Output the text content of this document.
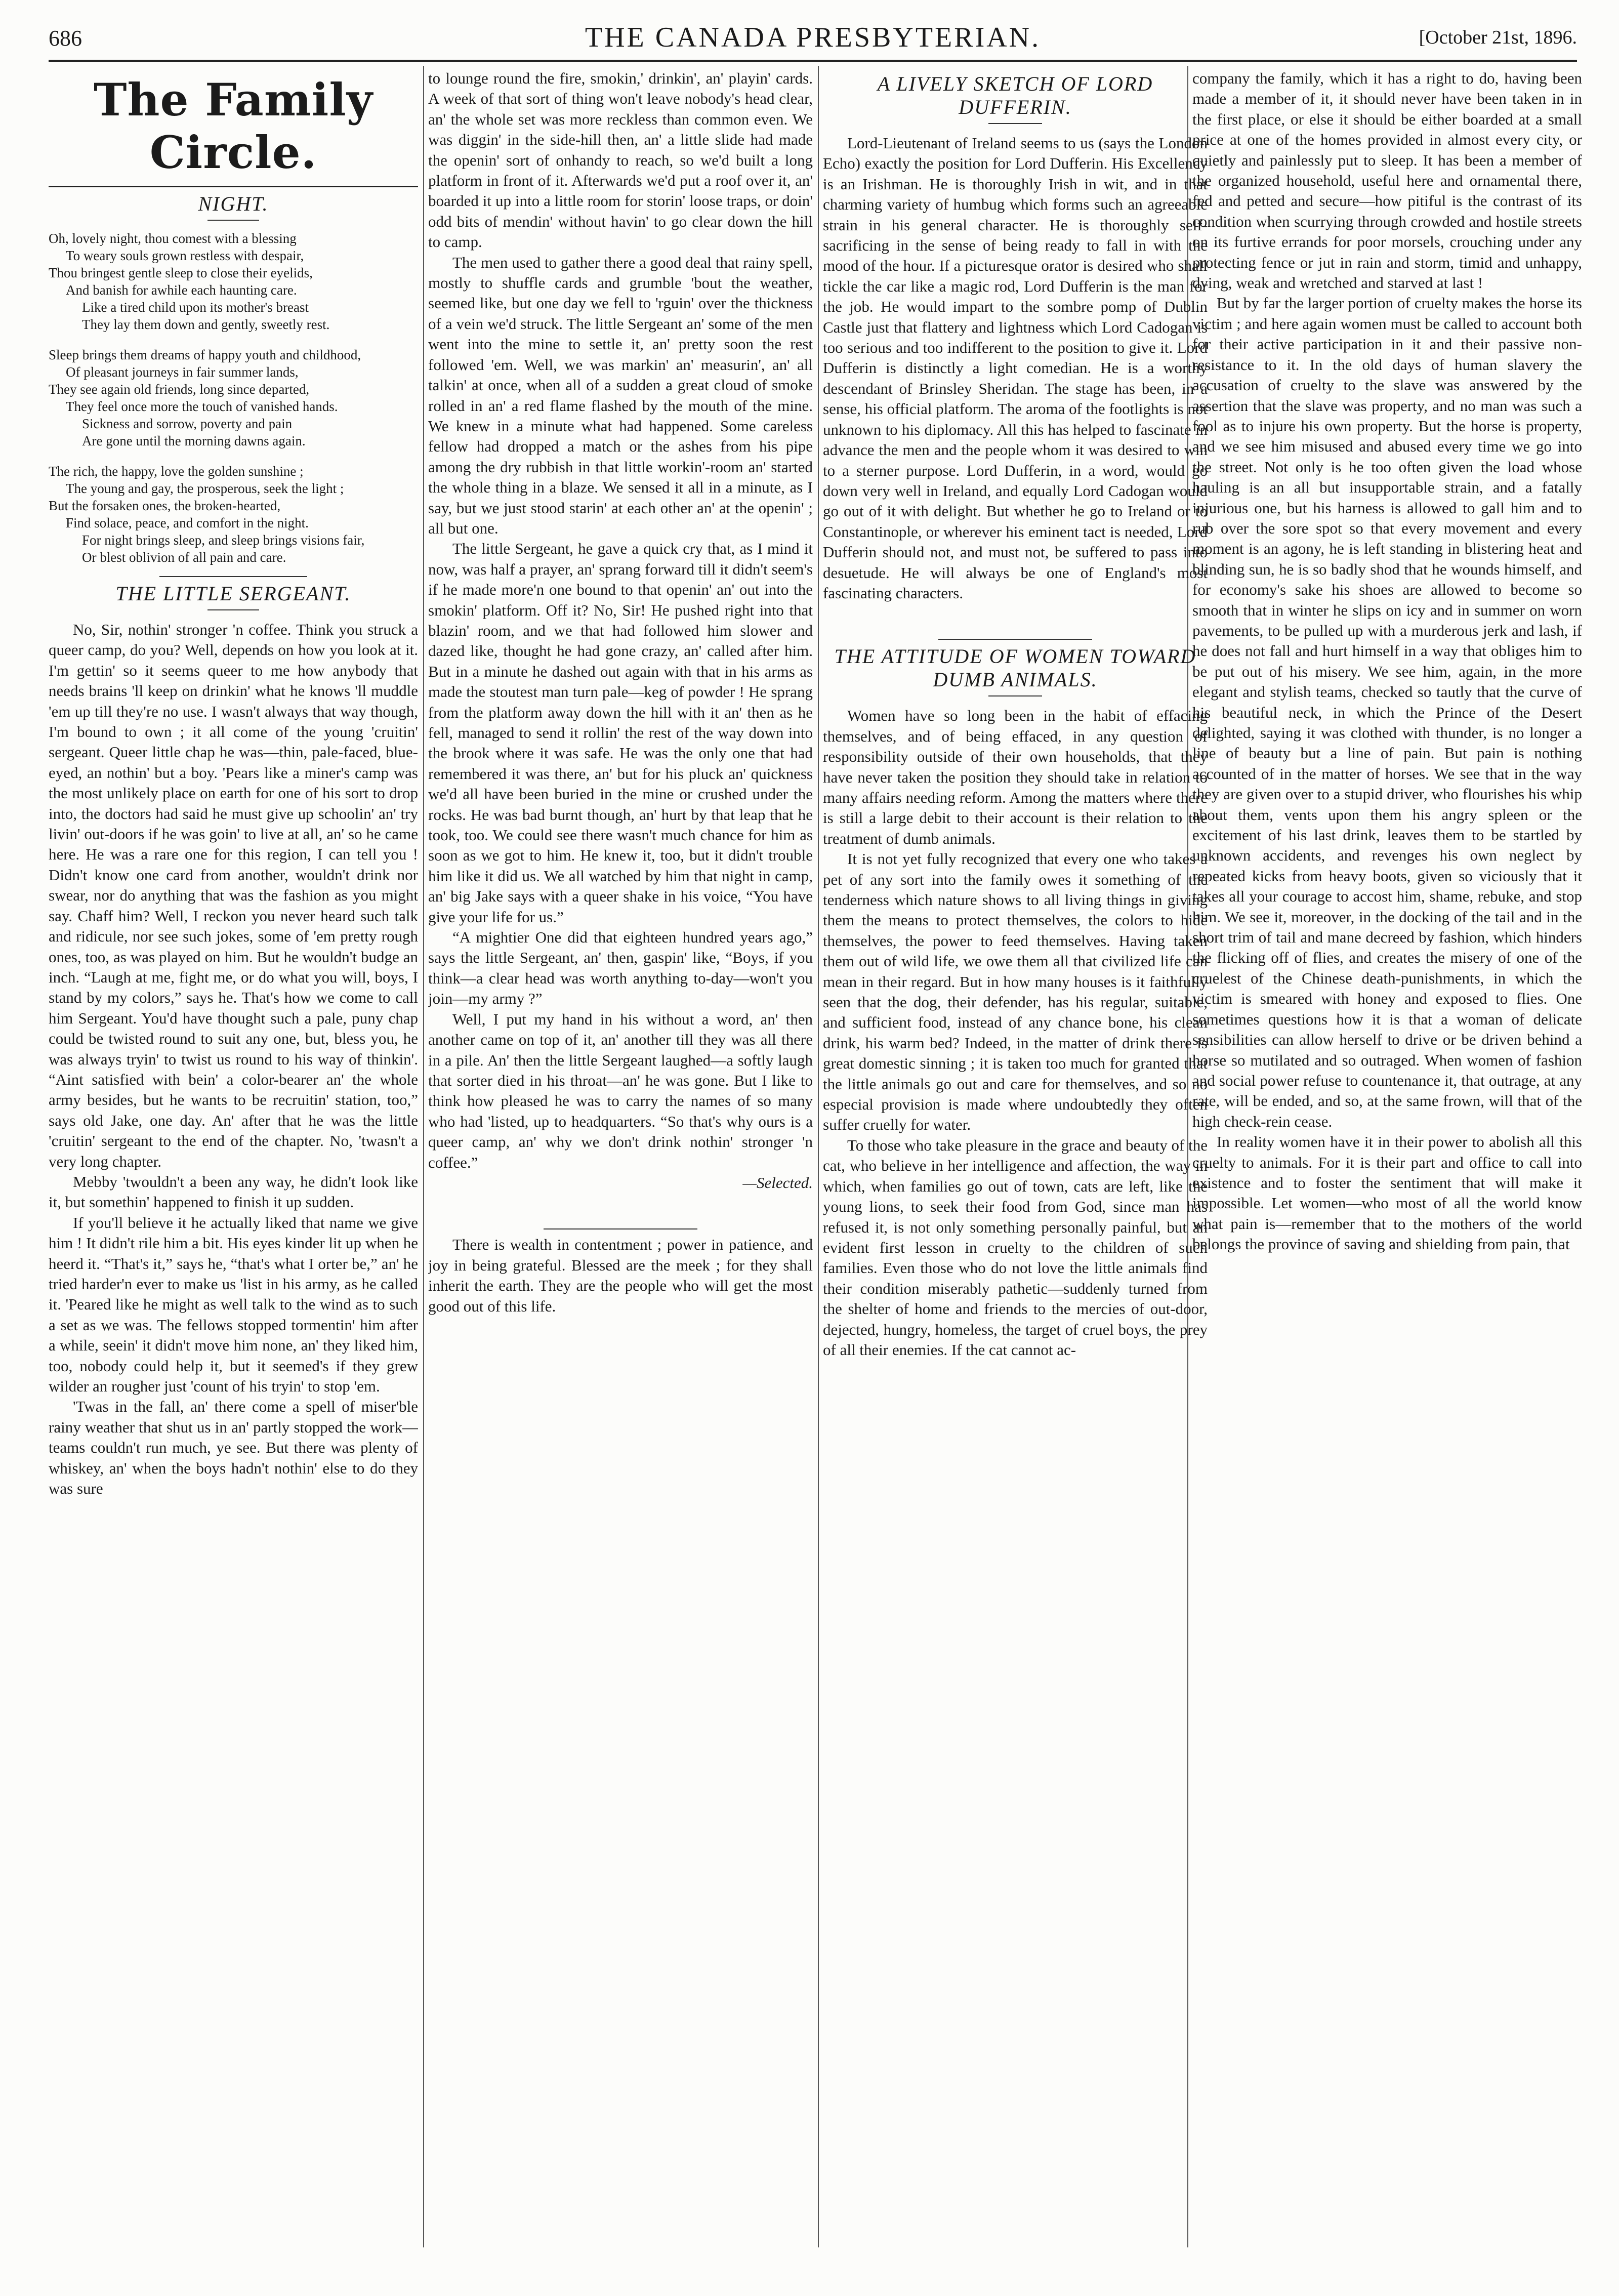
686	THE CANADA PRESBYTERIAN.	[October 21st, 1896.
The Family Circle.
NIGHT.

Oh, lovely night, thou comest with a blessing

To weary souls grown restless with despair,

Thou bringest gentle sleep to close their eyelids,

And banish for awhile each haunting care.

Like a tired child upon its mother's breast

They lay them down and gently, sweetly rest.

Sleep brings them dreams of happy youth and childhood,

Of pleasant journeys in fair summer lands,

They see again old friends, long since departed,

They feel once more the touch of vanished hands.

Sickness and sorrow, poverty and pain

Are gone until the morning dawns again.

The rich, the happy, love the golden sunshine ;

The young and gay, the prosperous, seek the light ;

But the forsaken ones, the broken-hearted,

Find solace, peace, and comfort in the night.

For night brings sleep, and sleep brings visions fair,

Or blest oblivion of all pain and care.

THE LITTLE SERGEANT.

No, Sir, nothin' stronger 'n coffee. Think you struck a queer camp, do you? Well, depends on how you look at it. I'm gettin' so it seems queer to me how anybody that needs brains 'll keep on drinkin' what he knows 'll muddle 'em up till they're no use. I wasn't always that way though, I'm bound to own ; it all come of the young 'cruitin' sergeant. Queer little chap he was—thin, pale-faced, blue-eyed, an nothin' but a boy. 'Pears like a miner's camp was the most unlikely place on earth for one of his sort to drop into, the doctors had said he must give up schoolin' an' try livin' out-doors if he was goin' to live at all, an' so he came here. He was a rare one for this region, I can tell you ! Didn't know one card from another, wouldn't drink nor swear, nor do anything that was the fashion as you might say. Chaff him? Well, I reckon you never heard such talk and ridicule, nor see such jokes, some of 'em pretty rough ones, too, as was played on him. But he wouldn't budge an inch. “Laugh at me, fight me, or do what you will, boys, I stand by my colors,” says he. That's how we come to call him Sergeant. You'd have thought such a pale, puny chap could be twisted round to suit any one, but, bless you, he was always tryin' to twist us round to his way of thinkin'. “Aint satisfied with bein' a color-bearer an' the whole army besides, but he wants to be recruitin' station, too,” says old Jake, one day. An' after that he was the little 'cruitin' sergeant to the end of the chapter. No, 'twasn't a very long chapter.

Mebby 'twouldn't a been any way, he didn't look like it, but somethin' happened to finish it up sudden.

If you'll believe it he actually liked that name we give him ! It didn't rile him a bit. His eyes kinder lit up when he heerd it. “That's it,” says he, “that's what I orter be,” an' he tried harder'n ever to make us 'list in his army, as he called it. 'Peared like he might as well talk to the wind as to such a set as we was. The fellows stopped tormentin' him after a while, seein' it didn't move him none, an' they liked him, too, nobody could help it, but it seemed's if they grew wilder an rougher just 'count of his tryin' to stop 'em.

'Twas in the fall, an' there come a spell of miser'ble rainy weather that shut us in an' partly stopped the work—teams couldn't run much, ye see. But there was plenty of whiskey, an' when the boys hadn't nothin' else to do they was sure

to lounge round the fire, smokin,' drinkin', an' playin' cards. A week of that sort of thing won't leave nobody's head clear, an' the whole set was more reckless than common even. We was diggin' in the side-hill then, an' a little slide had made the openin' sort of onhandy to reach, so we'd built a long platform in front of it. Afterwards we'd put a roof over it, an' boarded it up into a little room for storin' loose traps, or doin' odd bits of mendin' without havin' to go clear down the hill to camp.

The men used to gather there a good deal that rainy spell, mostly to shuffle cards and grumble 'bout the weather, seemed like, but one day we fell to 'rguin' over the thickness of a vein we'd struck. The little Sergeant an' some of the men went into the mine to settle it, an' pretty soon the rest followed 'em. Well, we was markin' an' measurin', an' all talkin' at once, when all of a sudden a great cloud of smoke rolled in an' a red flame flashed by the mouth of the mine. We knew in a minute what had happened. Some careless fellow had dropped a match or the ashes from his pipe among the dry rubbish in that little workin'-room an' started the whole thing in a blaze. We sensed it all in a minute, as I say, but we just stood starin' at each other an' at the openin' ; all but one.

The little Sergeant, he gave a quick cry that, as I mind it now, was half a prayer, an' sprang forward till it didn't seem's if he made more'n one bound to that openin' an' out into the smokin' platform. Off it? No, Sir! He pushed right into that blazin' room, and we that had followed him slower and dazed like, thought he had gone crazy, an' called after him. But in a minute he dashed out again with that in his arms as made the stoutest man turn pale—keg of powder ! He sprang from the platform away down the hill with it an' then as he fell, managed to send it rollin' the rest of the way down into the brook where it was safe. He was the only one that had remembered it was there, an' but for his pluck an' quickness we'd all have been buried in the mine or crushed under the rocks. He was bad burnt though, an' hurt by that leap that he took, too. We could see there wasn't much chance for him as soon as we got to him. He knew it, too, but it didn't trouble him like it did us. We all watched by him that night in camp, an' big Jake says with a queer shake in his voice, “You have give your life for us.”

“A mightier One did that eighteen hundred years ago,” says the little Sergeant, an' then, gaspin' like, “Boys, if you think—a clear head was worth anything to-day—won't you join—my army ?”

Well, I put my hand in his without a word, an' then another came on top of it, an' another till they was all there in a pile. An' then the little Sergeant laughed—a softly laugh that sorter died in his throat—an' he was gone. But I like to think how pleased he was to carry the names of so many who had 'listed, up to headquarters. “So that's why ours is a queer camp, an' why we don't drink nothin' stronger 'n coffee.”

—Selected.

There is wealth in contentment ; power in patience, and joy in being grateful. Blessed are the meek ; for they shall inherit the earth. They are the people who will get the most good out of this life.

A LIVELY SKETCH OF LORD DUFFERIN.

Lord-Lieutenant of Ireland seems to us (says the London Echo) exactly the position for Lord Dufferin. His Excellency is an Irishman. He is thoroughly Irish in wit, and in that charming variety of humbug which forms such an agreeable strain in his general character. He is thoroughly self-sacrificing in the sense of being ready to fall in with the mood of the hour. If a picturesque orator is desired who shall tickle the car like a magic rod, Lord Dufferin is the man for the job. He would impart to the sombre pomp of Dublin Castle just that flattery and lightness which Lord Cadogan is too serious and too indifferent to the position to give it. Lord Dufferin is distinctly a light comedian. He is a worthy descendant of Brinsley Sheridan. The stage has been, in a sense, his official platform. The aroma of the footlights is not unknown to his diplomacy. All this has helped to fascinate in advance the men and the people whom it was desired to win to a sterner purpose. Lord Dufferin, in a word, would go down very well in Ireland, and equally Lord Cadogan would go out of it with delight. But whether he go to Ireland or to Constantinople, or wherever his eminent tact is needed, Lord Dufferin should not, and must not, be suffered to pass into desuetude. He will always be one of England's most fascinating characters.

THE ATTITUDE OF WOMEN TOWARD DUMB ANIMALS.

Women have so long been in the habit of effacing themselves, and of being effaced, in any question of responsibility outside of their own households, that they have never taken the position they should take in relation to many affairs needing reform. Among the matters where there is still a large debit to their account is their relation to the treatment of dumb animals.

It is not yet fully recognized that every one who takes a pet of any sort into the family owes it something of the tenderness which nature shows to all living things in giving them the means to protect themselves, the colors to hide themselves, the power to feed themselves. Having taken them out of wild life, we owe them all that civilized life can mean in their regard. But in how many houses is it faithfully seen that the dog, their defender, has his regular, suitable, and sufficient food, instead of any chance bone, his clean drink, his warm bed? Indeed, in the matter of drink there is great domestic sinning ; it is taken too much for granted that the little animals go out and care for themselves, and so no especial provision is made where undoubtedly they often suffer cruelly for water.

To those who take pleasure in the grace and beauty of the cat, who believe in her intelligence and affection, the way in which, when families go out of town, cats are left, like the young lions, to seek their food from God, since man has refused it, is not only something personally painful, but an evident first lesson in cruelty to the children of such families. Even those who do not love the little animals find their condition miserably pathetic—suddenly turned from the shelter of home and friends to the mercies of out-door, dejected, hungry, homeless, the target of cruel boys, the prey of all their enemies. If the cat cannot ac-

company the family, which it has a right to do, having been made a member of it, it should never have been taken in in the first place, or else it should be either boarded at a small price at one of the homes provided in almost every city, or quietly and painlessly put to sleep. It has been a member of the organized household, useful here and ornamental there, fed and petted and secure—how pitiful is the contrast of its condition when scurrying through crowded and hostile streets on its furtive errands for poor morsels, crouching under any protecting fence or jut in rain and storm, timid and unhappy, dying, weak and wretched and starved at last !

But by far the larger portion of cruelty makes the horse its victim ; and here again women must be called to account both for their active participation in it and their passive non-resistance to it. In the old days of human slavery the accusation of cruelty to the slave was answered by the assertion that the slave was property, and no man was such a fool as to injure his own property. But the horse is property, and we see him misused and abused every time we go into the street. Not only is he too often given the load whose hauling is an all but insupportable strain, and a fatally injurious one, but his harness is allowed to gall him and to rub over the sore spot so that every movement and every moment is an agony, he is left standing in blistering heat and blinding sun, he is so badly shod that he wounds himself, and for economy's sake his shoes are allowed to become so smooth that in winter he slips on icy and in summer on worn pavements, to be pulled up with a murderous jerk and lash, if he does not fall and hurt himself in a way that obliges him to be put out of his misery. We see him, again, in the more elegant and stylish teams, checked so tautly that the curve of his beautiful neck, in which the Prince of the Desert delighted, saying it was clothed with thunder, is no longer a line of beauty but a line of pain. But pain is nothing accounted of in the matter of horses. We see that in the way they are given over to a stupid driver, who flourishes his whip about them, vents upon them his angry spleen or the excitement of his last drink, leaves them to be startled by unknown accidents, and revenges his own neglect by repeated kicks from heavy boots, given so viciously that it takes all your courage to accost him, shame, rebuke, and stop him. We see it, moreover, in the docking of the tail and in the short trim of tail and mane decreed by fashion, which hinders the flicking off of flies, and creates the misery of one of the cruelest of the Chinese death-punishments, in which the victim is smeared with honey and exposed to flies. One sometimes questions how it is that a woman of delicate sensibilities can allow herself to drive or be driven behind a horse so mutilated and so outraged. When women of fashion and social power refuse to countenance it, that outrage, at any rate, will be ended, and so, at the same frown, will that of the high check-rein cease.

In reality women have it in their power to abolish all this cruelty to animals. For it is their part and office to call into existence and to foster the sentiment that will make it impossible. Let women—who most of all the world know what pain is—remember that to the mothers of the world belongs the province of saving and shielding from pain, that
